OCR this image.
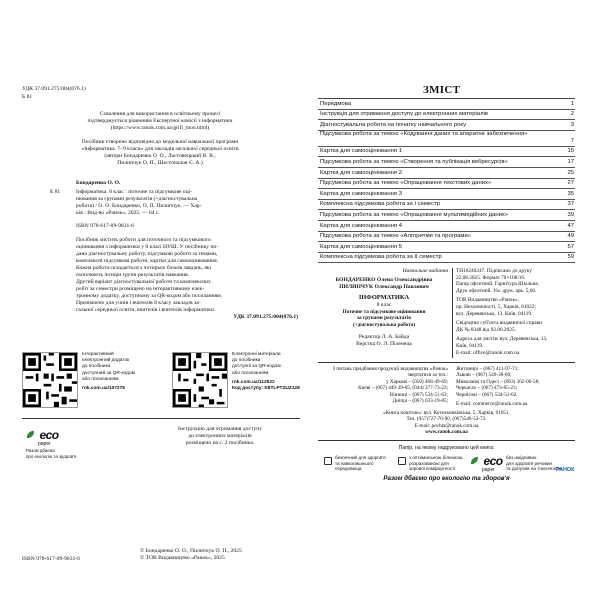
УДК 37.091.275:004(076.1)
Б 81
Схвалення для використання в освітньому процесі
підтверджується рішенням Експертної комісії з інформатики
(https://www.ranok.com.ua/grifi_mon.html)
Посібник створено відповідно до модельної навчальної програми
«Інформатика. 7–9 класи» для закладів загальної середньої освіти
(автори Бондаренко О. О., Ластовецький В. В.,
Пилипчук О. П., Шестопалов Є. А.)
Бондаренко О. О.
Б 81	Інформатика. 8 клас : поточне та підсумкове оці-
нювання за групами результатів (+діагностувальна
робота) / О. О. Бондаренко, О. П. Пилипчук. — Хар-
ків : Вид-во «Ранок», 2025. — 64 с.
ISBN 978-617-09-9831-6
Посібник містить роботи для поточного та підсумкового
оцінювання з інформатики у 8 класі НУШ. У посібнику по-
дано діагностувальну роботу, підсумкові роботи за темами,
комплексні підсумкові роботи, картки для самооцінювання.
Кожна робота складається з чотирьох блоків завдань, які
охоплюють чотири групи результатів навчання.
Другий варіант діагностувальної роботи та комплексних
робіт за семестри розміщено на інтерактивному елек-
тронному додатку, доступному за QR-кодом або посиланням.
Призначено для учнів і вчителів 8 класу закладів за-
гальної середньої освіти, вчителів і вчителів інформатики.
УДК 37.091.275:004(076.1)
Інтерактивний
електронний додаток
до посібника
доступний за QR-кодом
або посиланням
rnk.com.ua/107276
Електронні матеріали
до посібника
доступні за QR-кодом
або посиланням
rnk.com.ua/112522
Код доступу: K8TLPTZUZ128
eco
paper
Разом дбаємо
про екологію та здоров'я
Інструкцію для отримання доступу
до електронних матеріалів
розміщено на с. 2 посібника.
ISBN 978-617-09-9831-6
© Бондаренко О. О., Пилипчук О. П., 2025
© ТОВ Видавництво «Ранок», 2025
ЗМІСТ
Передмова	1
Інструкція для отримання доступу до електронних матеріалів	2
Діагностувальна робота на початку навчального року	3
Підсумкова робота за темою «Кодування даних та апаратне забезпечення»
7
Картка для самооцінювання 1	15
Підсумкова робота за темою «Створення та публікація вебресурсів»	17
Картка для самооцінювання 2	25
Підсумкова робота за темою «Опрацювання текстових даних»	27
Картка для самооцінювання 3	35
Комплексна підсумкова робота за І семестр	37
Підсумкова робота за темою «Опрацювання мультимедійних даних»	39
Картка для самооцінювання 4	47
Підсумкова робота за темою «Алгоритми та програми»	49
Картка для самооцінювання 5	57
Комплексна підсумкова робота за ІІ семестр	59
Навчальне видання
БОНДАРЕНКО Олена Олександрівна
ПИЛИПЧУК Олександр Павлович
ІНФОРМАТИКА
8 клас
Поточне та підсумкове оцінювання
за групами результатів
(+діагностувальна робота)
Редактор Л. А. Байда
Верстка О. Л. Піленець
ТН16240247. Підписано до друку
22.08.2025. Формат 70×108/16.
Папір офсетний. Гарнітура Шкільна.
Друк офсетний. Ум. друк. арк. 5,60.
ТОВ Видавництво «Ранок»,
пр. Незалежності, 5, Харків, 61022;
вул. Деревянська, 13, Київ, 04119.
Свідоцтво суб'єкта видавничої справи
ДК № 8348 від 02.06.2025.
Адреса для листів: вул. Деревянська, 13,
Київ, 04119.
E-mail: office@ranok.com.ua
З питань придбання продукції видавництва «Ранок» звертатися за тел.:
у Харкові – (050) 468-49-69;
Києві – (067) 449-39-65, (044) 377-73-23;
Вінниці – (067) 534-51-62;
Дніпрі – (067) 633-19-85;
Житомирі – (067) 411-97-71;
Львові – (067) 549-38-60;
Миколаєві та Одесі – (063) 362-06-58;
Черкасах – (067) 473-85-23;
Чернігові – (067) 534-51-62.
E-mail: commerce@ranok.com.ua
«Книга поштою»: вул. Котельниківська, 5, Харків, 61051.
Тел. (057)727-70-90, (067)546-53-73.
E-mail: pochta@ranok.com.ua
www.ranok.com.ua
Папір, на якому надруковано цей книга:
безпечний для здоров'я
та навколишнього
середовища
з оптимальною білизною,
розрахованою для
зорової комфортності
eco
paper
без шкідливих
для здоров'я речовин
та допусків на токсичність
РАНОК
Разом дбаємо про екологію та здоров'я
